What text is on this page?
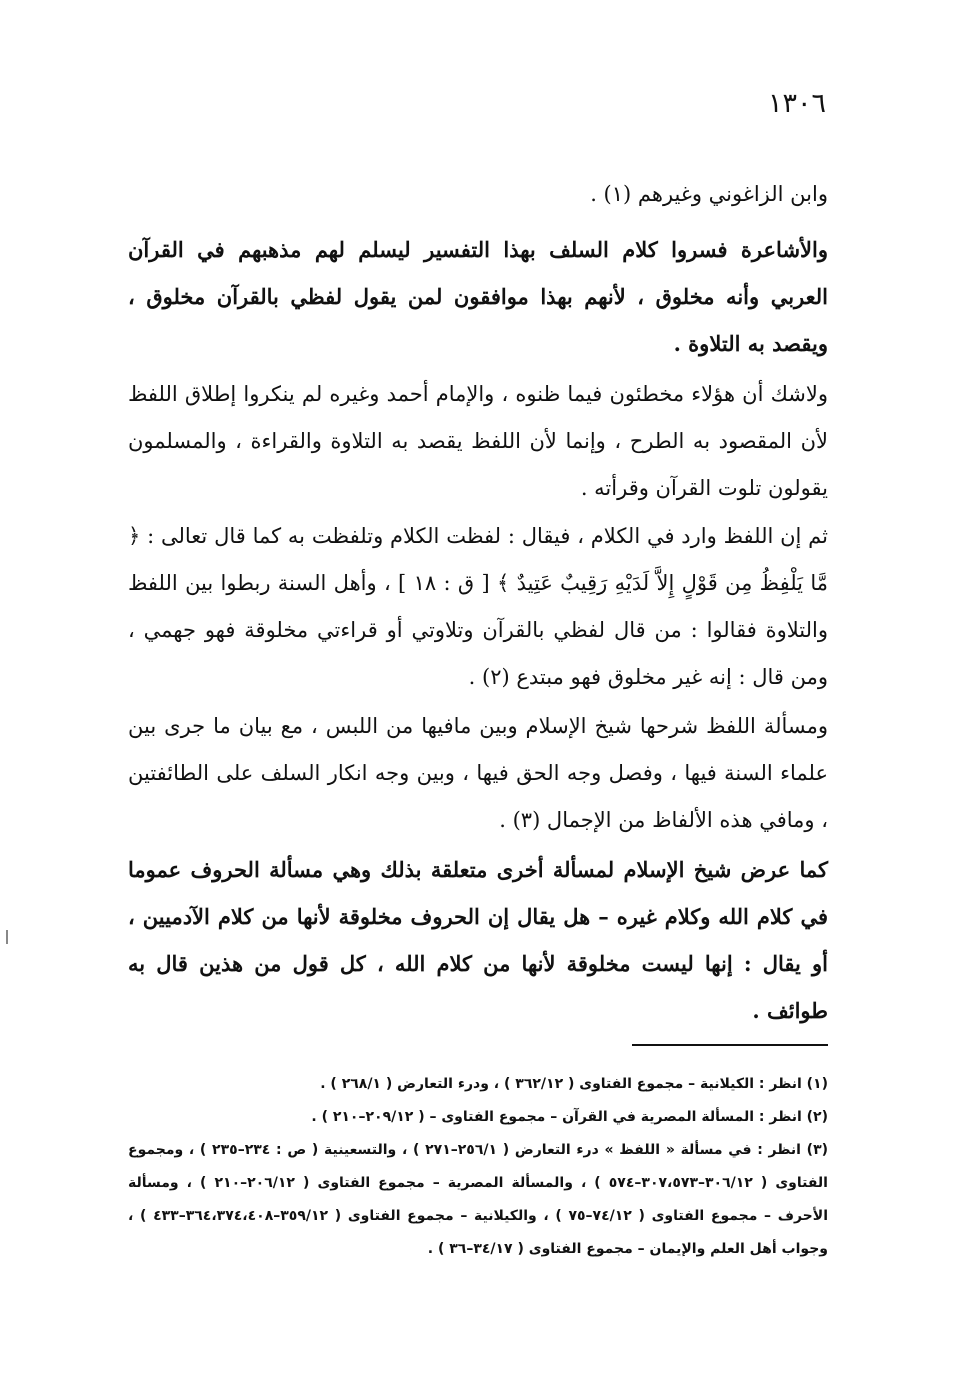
١٣٠٦

وابن الزاغوني وغيرهم (١) .

والأشاعرة فسروا كلام السلف بهذا التفسير ليسلم لهم مذهبهم في القرآن العربي وأنه مخلوق ، لأنهم بهذا موافقون لمن يقول لفظي بالقرآن مخلوق ، ويقصد به التلاوة .

ولاشك أن هؤلاء مخطئون فيما ظنوه ، والإمام أحمد وغيره لم ينكروا إطلاق اللفظ لأن المقصود به الطرح ، وإنما لأن اللفظ يقصد به التلاوة والقراءة ، والمسلمون يقولون تلوت القرآن وقرأته .

ثم إن اللفظ وارد في الكلام ، فيقال : لفظت الكلام وتلفظت به كما قال تعالى : ﴿ مَّا يَلْفِظُ مِن قَوْلٍ إِلاَّ لَدَيْهِ رَقِيبٌ عَتِيدٌ ﴾ [ ق : ١٨ ] ، وأهل السنة ربطوا بين اللفظ والتلاوة فقالوا : من قال لفظي بالقرآن وتلاوتي أو قراءتي مخلوقة فهو جهمي ، ومن قال : إنه غير مخلوق فهو مبتدع (٢) .

ومسألة اللفظ شرحها شيخ الإسلام وبين مافيها من اللبس ، مع بيان ما جرى بين علماء السنة فيها ، وفصل وجه الحق فيها ، وبين وجه انكار السلف على الطائفتين ، ومافي هذه الألفاظ من الإجمال (٣) .

كما عرض شيخ الإسلام لمسألة أخرى متعلقة بذلك وهي مسألة الحروف عموما في كلام الله وكلام غيره – هل يقال إن الحروف مخلوقة لأنها من كلام الآدميين ، أو يقال : إنها ليست مخلوقة لأنها من كلام الله ، كل قول من هذين قال به طوائف .

(١) انظر : الكيلانية – مجموع الفتاوى ( ٣٦٢/١٢ ) ، ودرء التعارض ( ٢٦٨/١ ) .

(٢) انظر : المسألة المصرية في القرآن – مجموع الفتاوى – ( ٢٠٩/١٢–٢١٠ ) .

(٣) انظر : في مسألة « اللفظ » درء التعارض ( ٢٥٦/١–٢٧١ ) ، والتسعينية ( ص : ٢٣٤–٢٣٥ ) ، ومجموع الفتاوى ( ٣٠٦/١٢–٣٠٧،٥٧٣–٥٧٤ ) ، والمسألة المصرية – مجموع الفتاوى ( ٢٠٦/١٢–٢١٠ ) ، ومسألة الأحرف – مجموع الفتاوى ( ٧٤/١٢–٧٥ ) ، والكيلانية – مجموع الفتاوى ( ٣٥٩/١٢–٣٦٤،٣٧٤،٤٠٨–٤٣٣ ) ، وجواب أهل العلم والإيمان – مجموع الفتاوى ( ٣٤/١٧–٣٦ ) .
